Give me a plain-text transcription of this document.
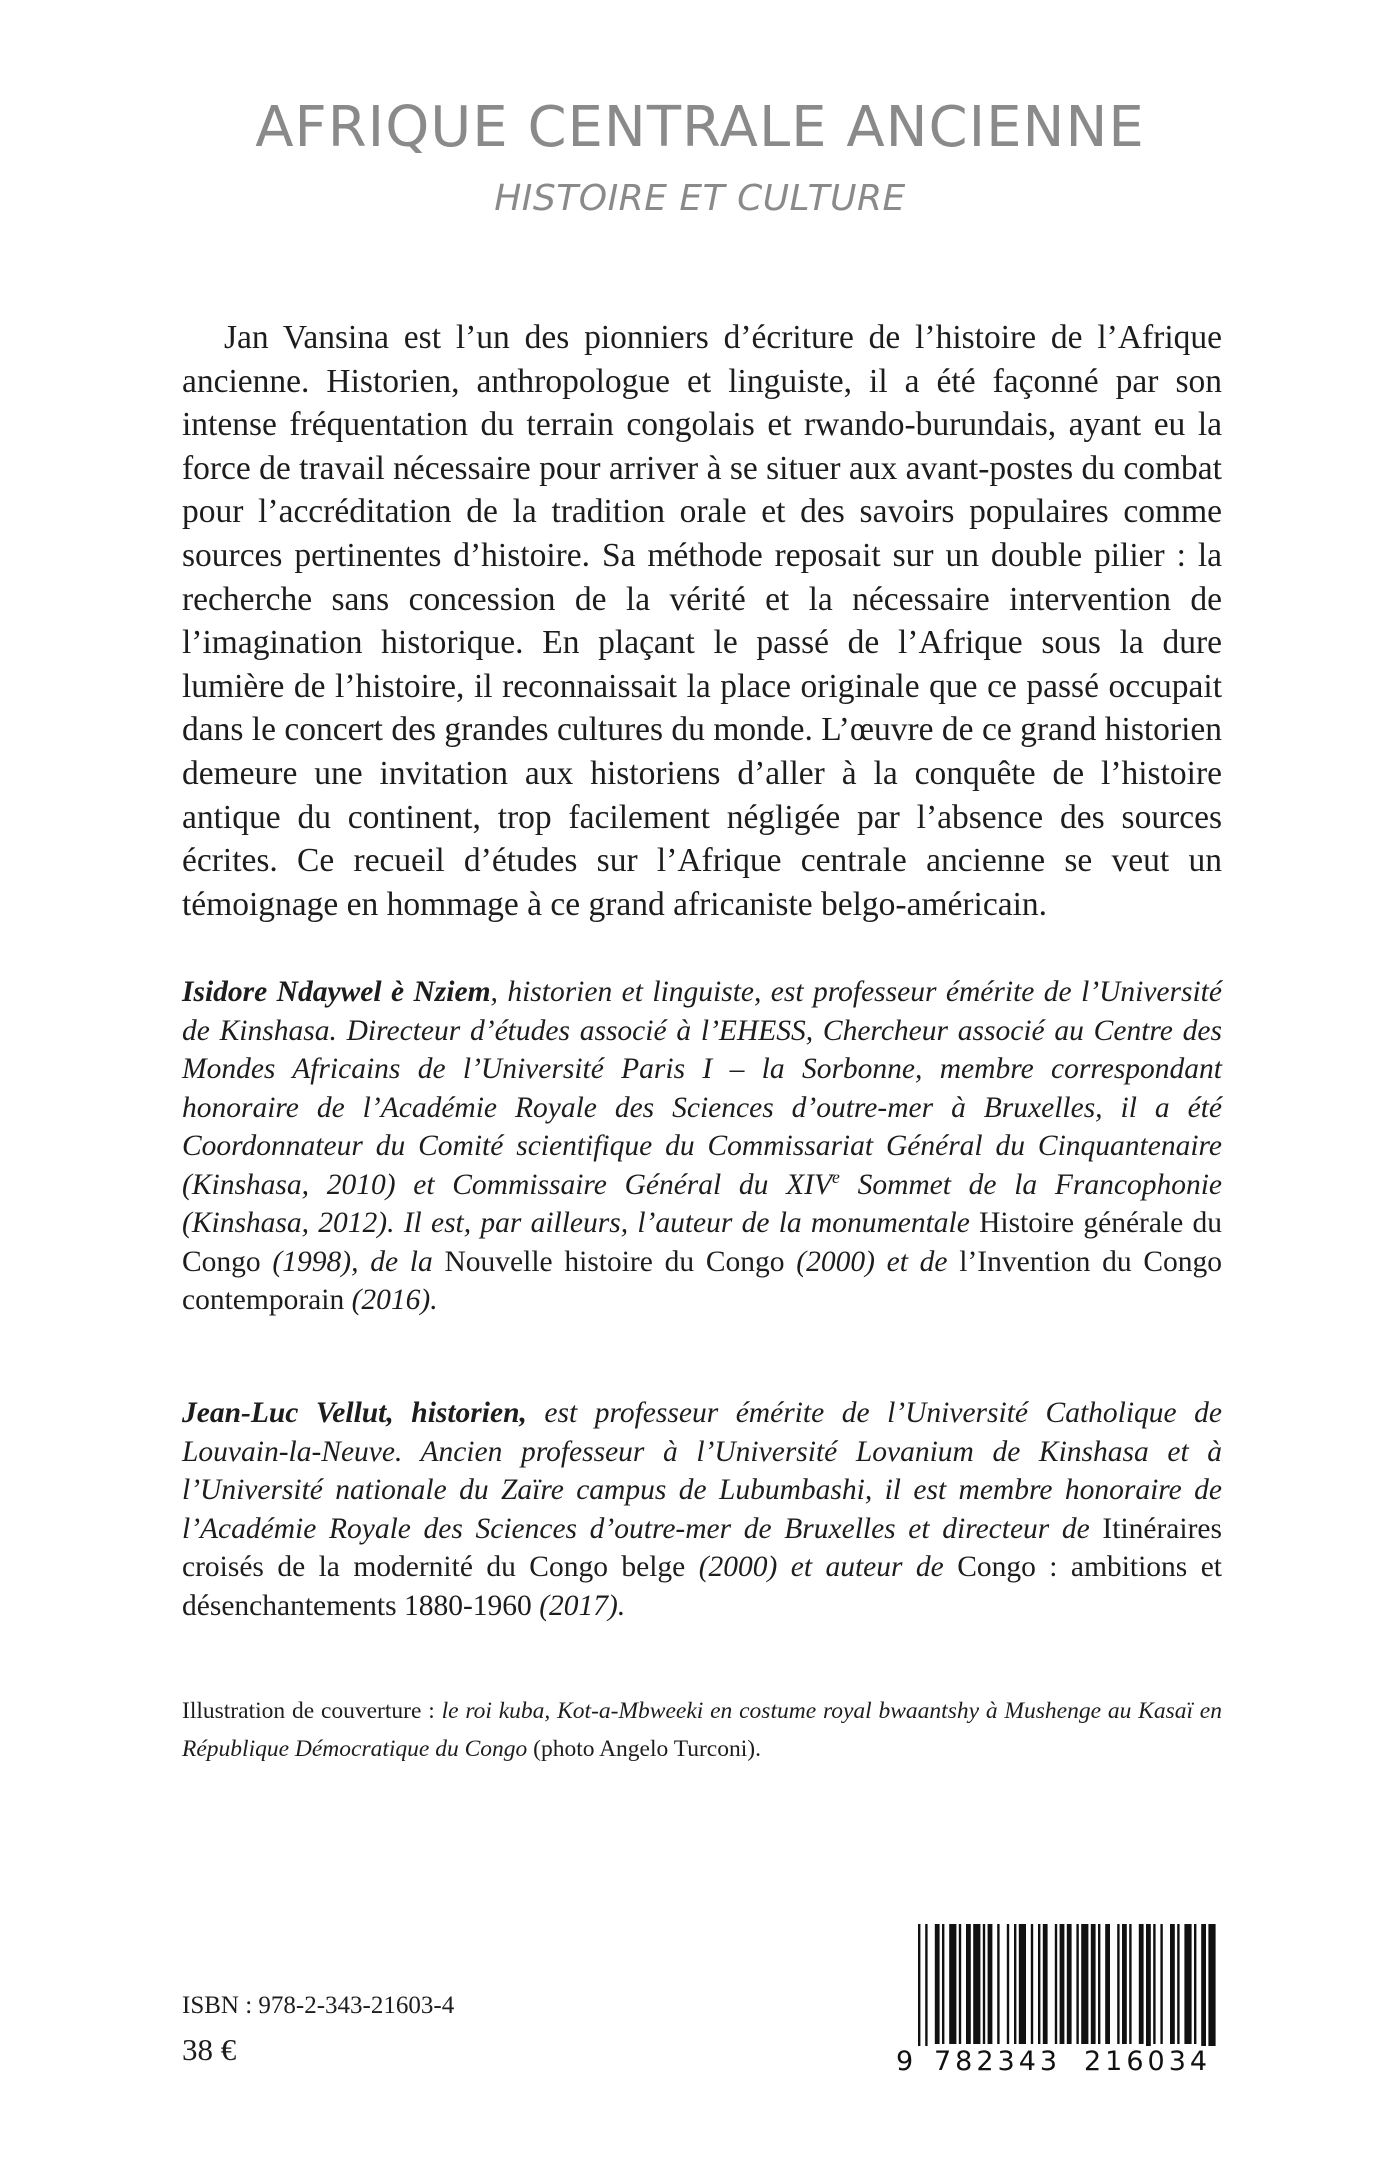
AFRIQUE CENTRALE ANCIENNE
HISTOIRE ET CULTURE
Jan Vansina est l’un des pionniers d’écriture de l’histoire de l’Afrique ancienne. Historien, anthropologue et linguiste, il a été façonné par son intense fréquentation du terrain congolais et rwando-burundais, ayant eu la force de travail nécessaire pour arriver à se situer aux avant-postes du combat pour l’accréditation de la tradition orale et des savoirs populaires comme sources pertinentes d’histoire. Sa méthode reposait sur un double pilier : la recherche sans concession de la vérité et la nécessaire intervention de l’imagination historique. En plaçant le passé de l’Afrique sous la dure lumière de l’histoire, il reconnaissait la place originale que ce passé occupait dans le concert des grandes cultures du monde. L’œuvre de ce grand historien demeure une invitation aux historiens d’aller à la conquête de l’histoire antique du continent, trop facilement négligée par l’absence des sources écrites. Ce recueil d’études sur l’Afrique centrale ancienne se veut un témoignage en hommage à ce grand africaniste belgo-américain.
Isidore Ndaywel è Nziem, historien et linguiste, est professeur émérite de l’Université de Kinshasa. Directeur d’études associé à l’EHESS, Chercheur associé au Centre des Mondes Africains de l’Université Paris I – la Sorbonne, membre correspondant honoraire de l’Académie Royale des Sciences d’outre-mer à Bruxelles, il a été Coordonnateur du Comité scientifique du Commissariat Général du Cinquantenaire (Kinshasa, 2010) et Commissaire Général du XIVe Sommet de la Francophonie (Kinshasa, 2012). Il est, par ailleurs, l’auteur de la monumentale Histoire générale du Congo (1998), de la Nouvelle histoire du Congo (2000) et de l’Invention du Congo contemporain (2016).
Jean-Luc Vellut, historien, est professeur émérite de l’Université Catholique de Louvain-la-Neuve. Ancien professeur à l’Université Lovanium de Kinshasa et à l’Université nationale du Zaïre campus de Lubumbashi, il est membre honoraire de l’Académie Royale des Sciences d’outre-mer de Bruxelles et directeur de Itinéraires croisés de la modernité du Congo belge (2000) et auteur de Congo : ambitions et désenchantements 1880-1960 (2017).
Illustration de couverture : le roi kuba, Kot-a-Mbweeki en costume royal bwaantshy à Mushenge au Kasaï en République Démocratique du Congo (photo Angelo Turconi).
ISBN : 978-2-343-21603-4
38 €	9 782343 216034
